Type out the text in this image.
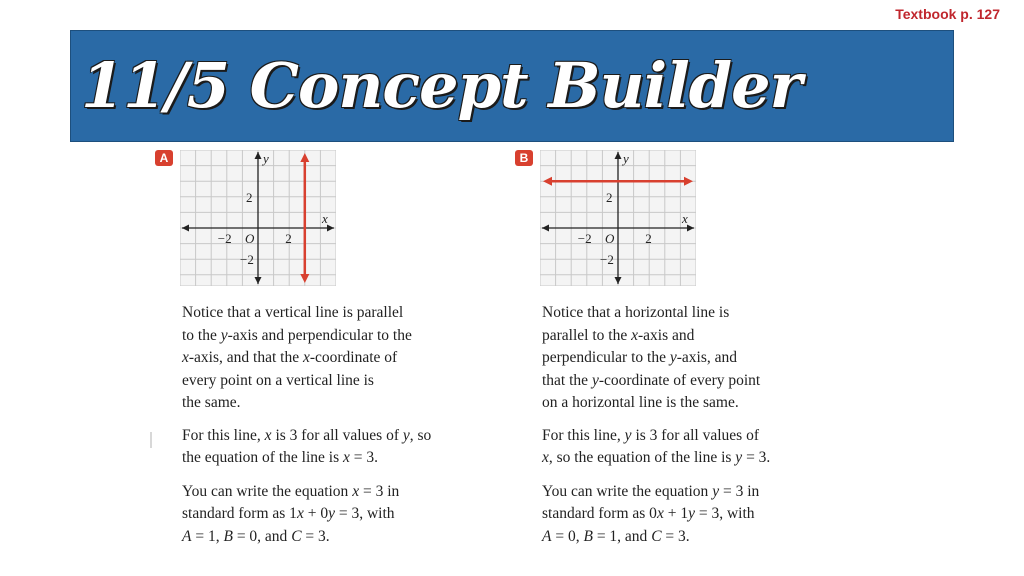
Textbook p. 127
11/5 Concept Builder
A	y
x
−2	2
O
2
−2
B	y
x
−2	2
O
2
−2

Notice that a vertical line is parallel
to the y-axis and perpendicular to the
x-axis, and that the x-coordinate of
every point on a vertical line is
the same.

For this line, x is 3 for all values of y, so
the equation of the line is x = 3.

You can write the equation x = 3 in
standard form as 1x + 0y = 3, with
A = 1, B = 0, and C = 3.

Notice that a horizontal line is
parallel to the x-axis and
perpendicular to the y-axis, and
that the y-coordinate of every point
on a horizontal line is the same.

For this line, y is 3 for all values of
x, so the equation of the line is y = 3.

You can write the equation y = 3 in
standard form as 0x + 1y = 3, with
A = 0, B = 1, and C = 3.
